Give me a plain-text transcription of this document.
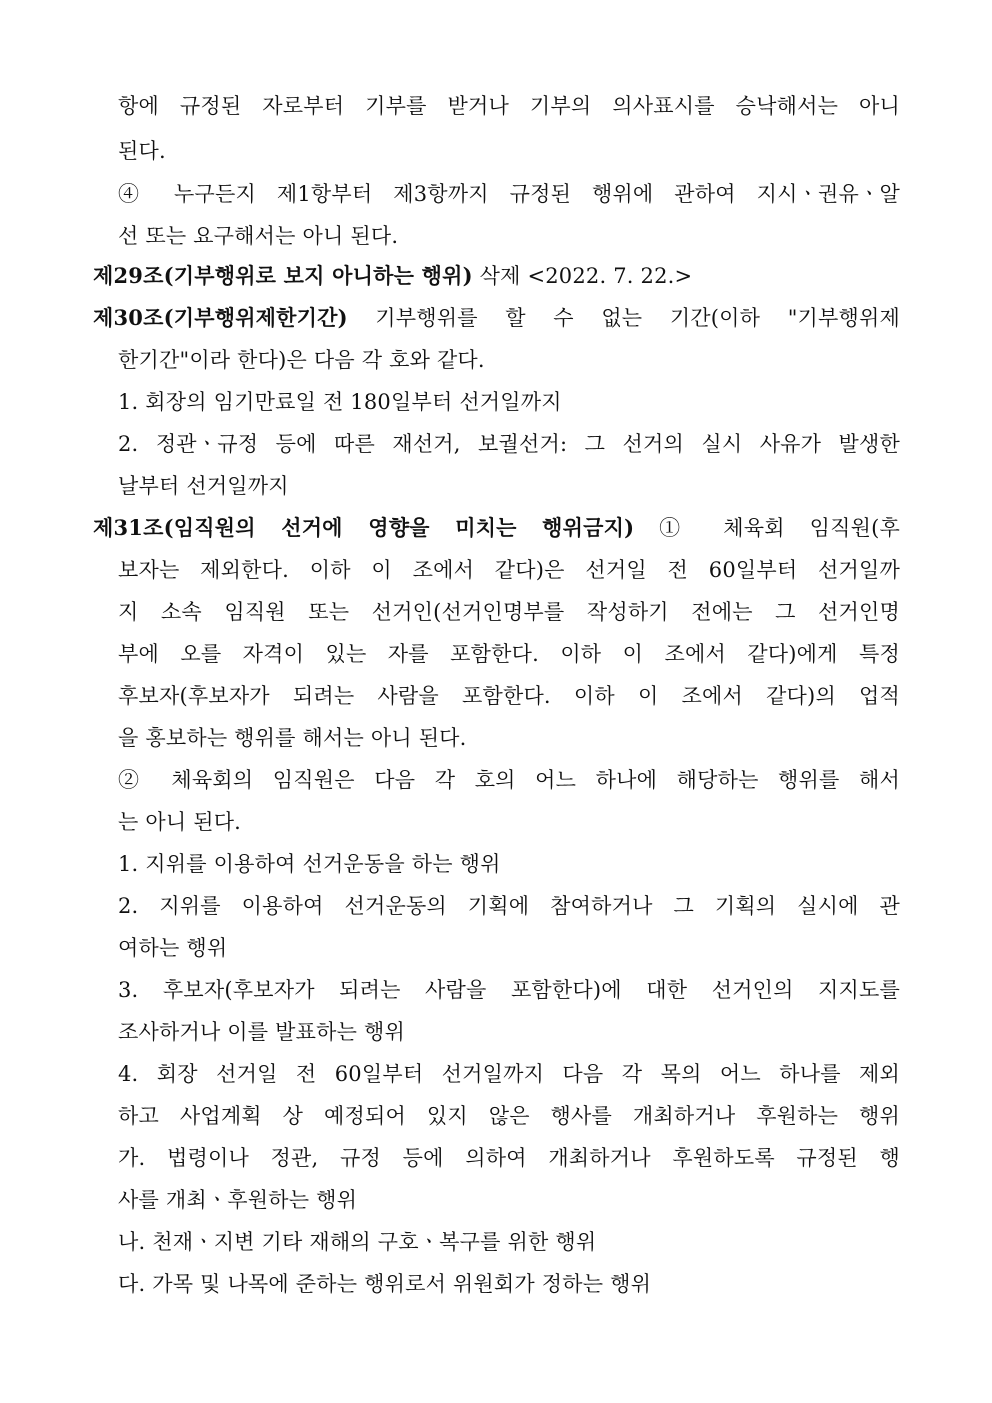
항에 규정된 자로부터 기부를 받거나 기부의 의사표시를 승낙해서는 아니
된다.
④ 누구든지 제1항부터 제3항까지 규정된 행위에 관하여 지시ㆍ권유ㆍ알
선 또는 요구해서는 아니 된다.
제29조(기부행위로 보지 아니하는 행위) 삭제 <2022. 7. 22.>
제30조(기부행위제한기간) 기부행위를 할 수 없는 기간(이하 "기부행위제
한기간"이라 한다)은 다음 각 호와 같다.
1. 회장의 임기만료일 전 180일부터 선거일까지
2. 정관ㆍ규정 등에 따른 재선거, 보궐선거: 그 선거의 실시 사유가 발생한
날부터 선거일까지
제31조(임직원의 선거에 영향을 미치는 행위금지) ① 체육회 임직원(후
보자는 제외한다. 이하 이 조에서 같다)은 선거일 전 60일부터 선거일까
지 소속 임직원 또는 선거인(선거인명부를 작성하기 전에는 그 선거인명
부에 오를 자격이 있는 자를 포함한다. 이하 이 조에서 같다)에게 특정
후보자(후보자가 되려는 사람을 포함한다. 이하 이 조에서 같다)의 업적
을 홍보하는 행위를 해서는 아니 된다.
② 체육회의 임직원은 다음 각 호의 어느 하나에 해당하는 행위를 해서
는 아니 된다.
1. 지위를 이용하여 선거운동을 하는 행위
2. 지위를 이용하여 선거운동의 기획에 참여하거나 그 기획의 실시에 관
여하는 행위
3. 후보자(후보자가 되려는 사람을 포함한다)에 대한 선거인의 지지도를
조사하거나 이를 발표하는 행위
4. 회장 선거일 전 60일부터 선거일까지 다음 각 목의 어느 하나를 제외
하고 사업계획 상 예정되어 있지 않은 행사를 개최하거나 후원하는 행위
가. 법령이나 정관, 규정 등에 의하여 개최하거나 후원하도록 규정된 행
사를 개최ㆍ후원하는 행위
나. 천재ㆍ지변 기타 재해의 구호ㆍ복구를 위한 행위
다. 가목 및 나목에 준하는 행위로서 위원회가 정하는 행위
